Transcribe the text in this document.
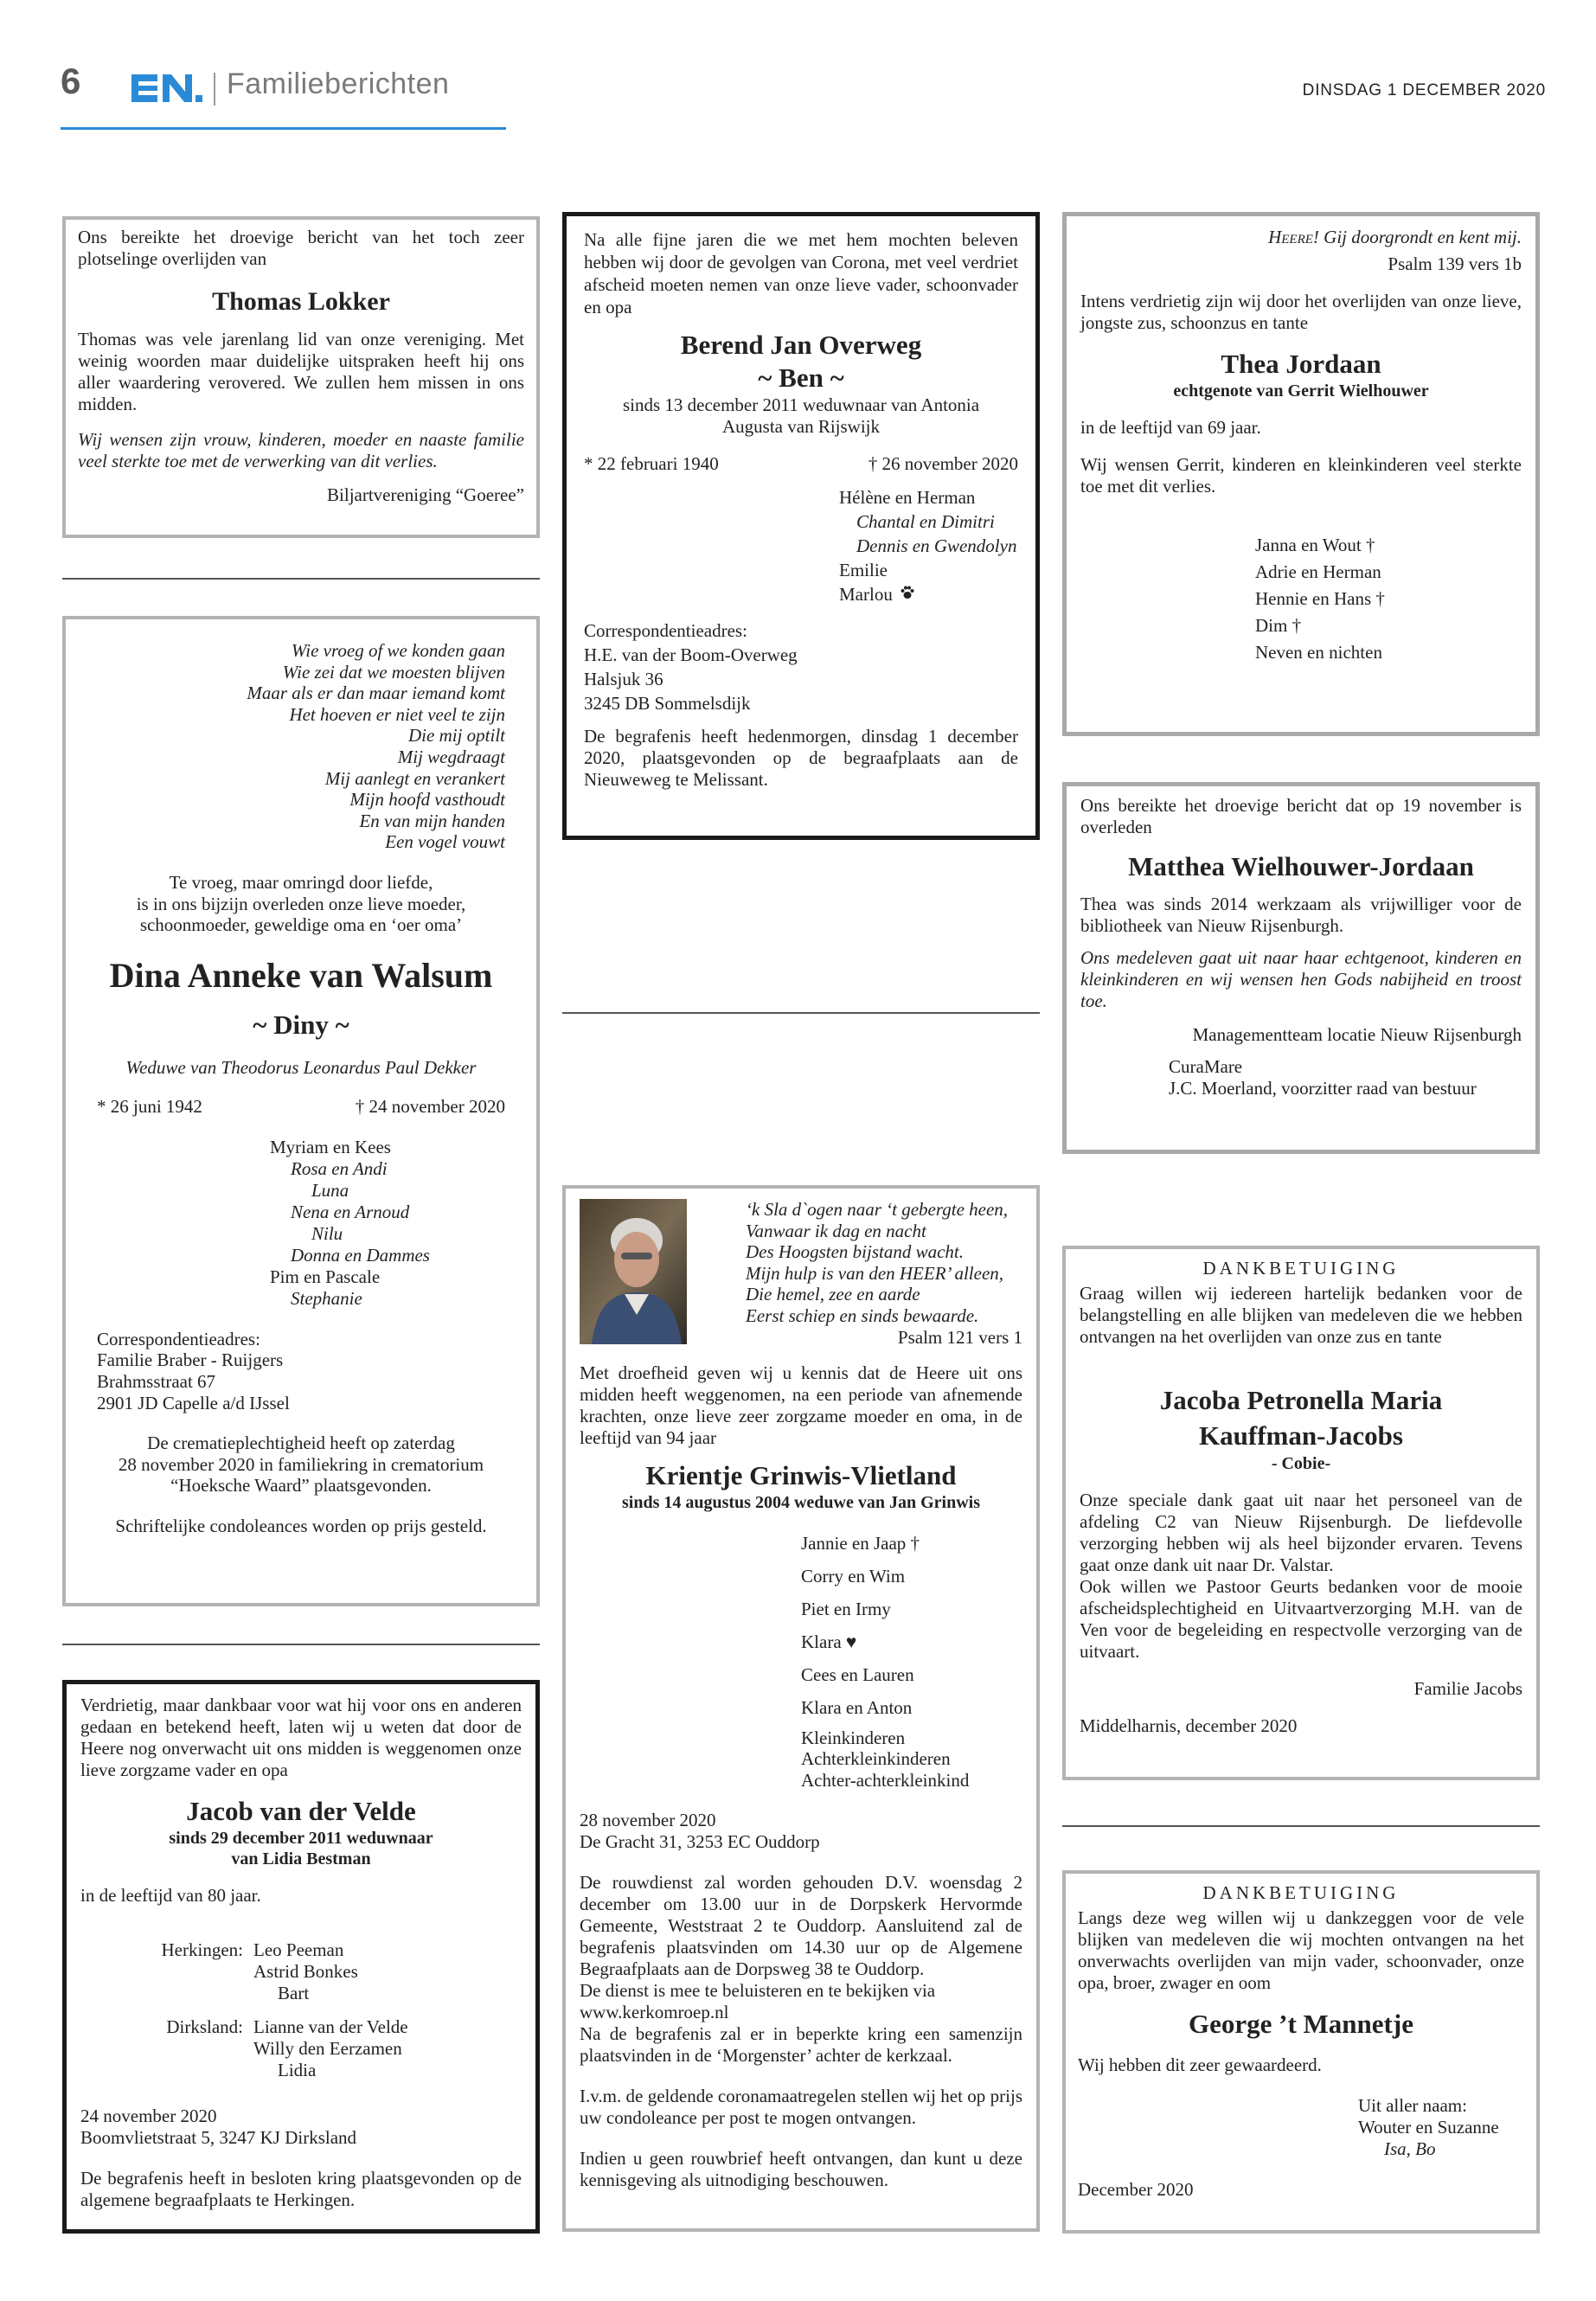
6	Familieberichten	DINSDAG 1 DECEMBER 2020

Ons bereikte het droevige bericht van het toch zeer plotselinge overlijden van

Thomas Lokker

Thomas was vele jarenlang lid van onze vereniging. Met weinig woorden maar duidelijke uitspraken heeft hij ons aller waardering verovered. We zullen hem missen in ons midden.

Wij wensen zijn vrouw, kinderen, moeder en naaste familie veel sterkte toe met de verwerking van dit verlies.

Biljartvereniging “Goeree”

Wie vroeg of we konden gaan
Wie zei dat we moesten blijven
Maar als er dan maar iemand komt
Het hoeven er niet veel te zijn
Die mij optilt
Mij wegdraagt
Mij aanlegt en verankert
Mijn hoofd vasthoudt
En van mijn handen
Een vogel vouwt
Te vroeg, maar omringd door liefde,
is in ons bijzijn overleden onze lieve moeder,
schoonmoeder, geweldige oma en ‘oer oma’

Dina Anneke van Walsum

~ Diny ~

Weduwe van Theodorus Leonardus Paul Dekker

* 26 juni 1942	† 24 november 2020
Myriam en Kees
Rosa en Andi
Luna
Nena en Arnoud
Nilu
Donna en Dammes
Pim en Pascale
Stephanie
Correspondentieadres:
Familie Braber - Ruijgers
Brahmsstraat 67
2901 JD Capelle a/d IJssel
De crematieplechtigheid heeft op zaterdag
28 november 2020 in familiekring in crematorium
“Hoeksche Waard” plaatsgevonden.

Schriftelijke condoleances worden op prijs gesteld.

Verdrietig, maar dankbaar voor wat hij voor ons en anderen gedaan en betekend heeft, laten wij u weten dat door de Heere nog onverwacht uit ons midden is weggenomen onze lieve zorgzame vader en opa

Jacob van der Velde

sinds 29 december 2011 weduwnaar

van Lidia Bestman

in de leeftijd van 80 jaar.

Herkingen: Leo Peeman
Astrid Bonkes
Bart
Dirksland: Lianne van der Velde
Willy den Eerzamen
Lidia

24 november 2020

Boomvlietstraat 5, 3247 KJ Dirksland

De begrafenis heeft in besloten kring plaatsgevonden op de algemene begraafplaats te Herkingen.

Na alle fijne jaren die we met hem mochten beleven hebben wij door de gevolgen van Corona, met veel verdriet afscheid moeten nemen van onze lieve vader, schoonvader en opa

Berend Jan Overweg

~ Ben ~

sinds 13 december 2011 weduwnaar van Antonia
Augusta van Rijswijk
* 22 februari 1940	† 26 november 2020
Hélène en Herman
Chantal en Dimitri
Dennis en Gwendolyn
Emilie
Marlou
Correspondentieadres:
H.E. van der Boom-Overweg
Halsjuk 36
3245 DB Sommelsdijk

De begrafenis heeft hedenmorgen, dinsdag 1 december 2020, plaatsgevonden op de begraafplaats aan de Nieuweweg te Melissant.

‘k Sla d`ogen naar ‘t gebergte heen,
Vanwaar ik dag en nacht
Des Hoogsten bijstand wacht.
Mijn hulp is van den HEER’ alleen,
Die hemel, zee en aarde
Eerst schiep en sinds bewaarde.

Psalm 121 vers 1

Met droefheid geven wij u kennis dat de Heere uit ons midden heeft weggenomen, na een periode van afnemende krachten, onze lieve zeer zorgzame moeder en oma, in de leeftijd van 94 jaar

Krientje Grinwis-Vlietland

sinds 14 augustus 2004 weduwe van Jan Grinwis

Jannie en Jaap †
Corry en Wim
Piet en Irmy
Klara ♥
Cees en Lauren
Klara en Anton
Kleinkinderen
Achterkleinkinderen
Achter-achterkleinkind

28 november 2020

De Gracht 31, 3253 EC Ouddorp

De rouwdienst zal worden gehouden D.V. woensdag 2 december om 13.00 uur in de Dorpskerk Hervormde Gemeente, Weststraat 2 te Ouddorp. Aansluitend zal de begrafenis plaatsvinden om 14.30 uur op de Algemene Begraafplaats aan de Dorpsweg 38 te Ouddorp.

De dienst is mee te beluisteren en te bekijken via

www.kerkomroep.nl

Na de begrafenis zal er in beperkte kring een samenzijn plaatsvinden in de ‘Morgenster’ achter de kerkzaal.

I.v.m. de geldende coronamaatregelen stellen wij het op prijs uw condoleance per post te mogen ontvangen.

Indien u geen rouwbrief heeft ontvangen, dan kunt u deze kennisgeving als uitnodiging beschouwen.

Heere! Gij doorgrondt en kent mij.

Psalm 139 vers 1b

Intens verdrietig zijn wij door het overlijden van onze lieve, jongste zus, schoonzus en tante

Thea Jordaan

echtgenote van Gerrit Wielhouwer

in de leeftijd van 69 jaar.

Wij wensen Gerrit, kinderen en kleinkinderen veel sterkte toe met dit verlies.

Janna en Wout †
Adrie en Herman
Hennie en Hans †
Dim †
Neven en nichten

Ons bereikte het droevige bericht dat op 19 november is overleden

Matthea Wielhouwer-Jordaan

Thea was sinds 2014 werkzaam als vrijwilliger voor de bibliotheek van Nieuw Rijsenburgh.

Ons medeleven gaat uit naar haar echtgenoot, kinderen en kleinkinderen en wij wensen hen Gods nabijheid en troost toe.

Managementteam locatie Nieuw Rijsenburgh

CuraMare

J.C. Moerland, voorzitter raad van bestuur

DANKBETUIGING

Graag willen wij iedereen hartelijk bedanken voor de belangstelling en alle blijken van medeleven die we hebben ontvangen na het overlijden van onze zus en tante

Jacoba Petronella Maria

Kauffman-Jacobs

- Cobie-

Onze speciale dank gaat uit naar het personeel van de afdeling C2 van Nieuw Rijsenburgh. De liefdevolle verzorging hebben wij als heel bijzonder ervaren. Tevens gaat onze dank uit naar Dr. Valstar.

Ook willen we Pastoor Geurts bedanken voor de mooie afscheidsplechtigheid en Uitvaartverzorging M.H. van de Ven voor de begeleiding en respectvolle verzorging van de uitvaart.

Familie Jacobs

Middelharnis, december 2020

DANKBETUIGING

Langs deze weg willen wij u dankzeggen voor de vele blijken van medeleven die wij mochten ontvangen na het onverwachts overlijden van mijn vader, schoonvader, onze opa, broer, zwager en oom

George ’t Mannetje

Wij hebben dit zeer gewaardeerd.

Uit aller naam:

Wouter en Suzanne

Isa, Bo

December 2020
